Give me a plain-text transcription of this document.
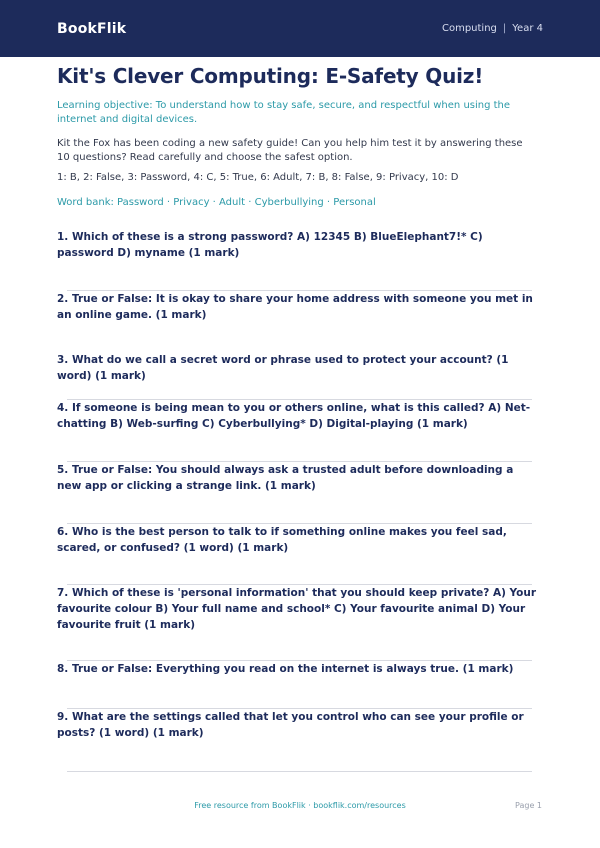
BookFlik	Computing | Year 4
Kit's Clever Computing: E-Safety Quiz!
Learning objective: To understand how to stay safe, secure, and respectful when using the internet and digital devices.
Kit the Fox has been coding a new safety guide! Can you help him test it by answering these 10 questions? Read carefully and choose the safest option.
1: B, 2: False, 3: Password, 4: C, 5: True, 6: Adult, 7: B, 8: False, 9: Privacy, 10: D
Word bank: Password · Privacy · Adult · Cyberbullying · Personal
1. Which of these is a strong password? A) 12345 B) BlueElephant7!* C) password D) myname (1 mark)
2. True or False: It is okay to share your home address with someone you met in an online game. (1 mark)
3. What do we call a secret word or phrase used to protect your account? (1 word) (1 mark)
4. If someone is being mean to you or others online, what is this called? A) Net-chatting B) Web-surfing C) Cyberbullying* D) Digital-playing (1 mark)
5. True or False: You should always ask a trusted adult before downloading a new app or clicking a strange link. (1 mark)
6. Who is the best person to talk to if something online makes you feel sad, scared, or confused? (1 word) (1 mark)
7. Which of these is 'personal information' that you should keep private? A) Your favourite colour B) Your full name and school* C) Your favourite animal D) Your favourite fruit (1 mark)
8. True or False: Everything you read on the internet is always true. (1 mark)
9. What are the settings called that let you control who can see your profile or posts? (1 word) (1 mark)
Free resource from BookFlik · bookflik.com/resources	Page 1
